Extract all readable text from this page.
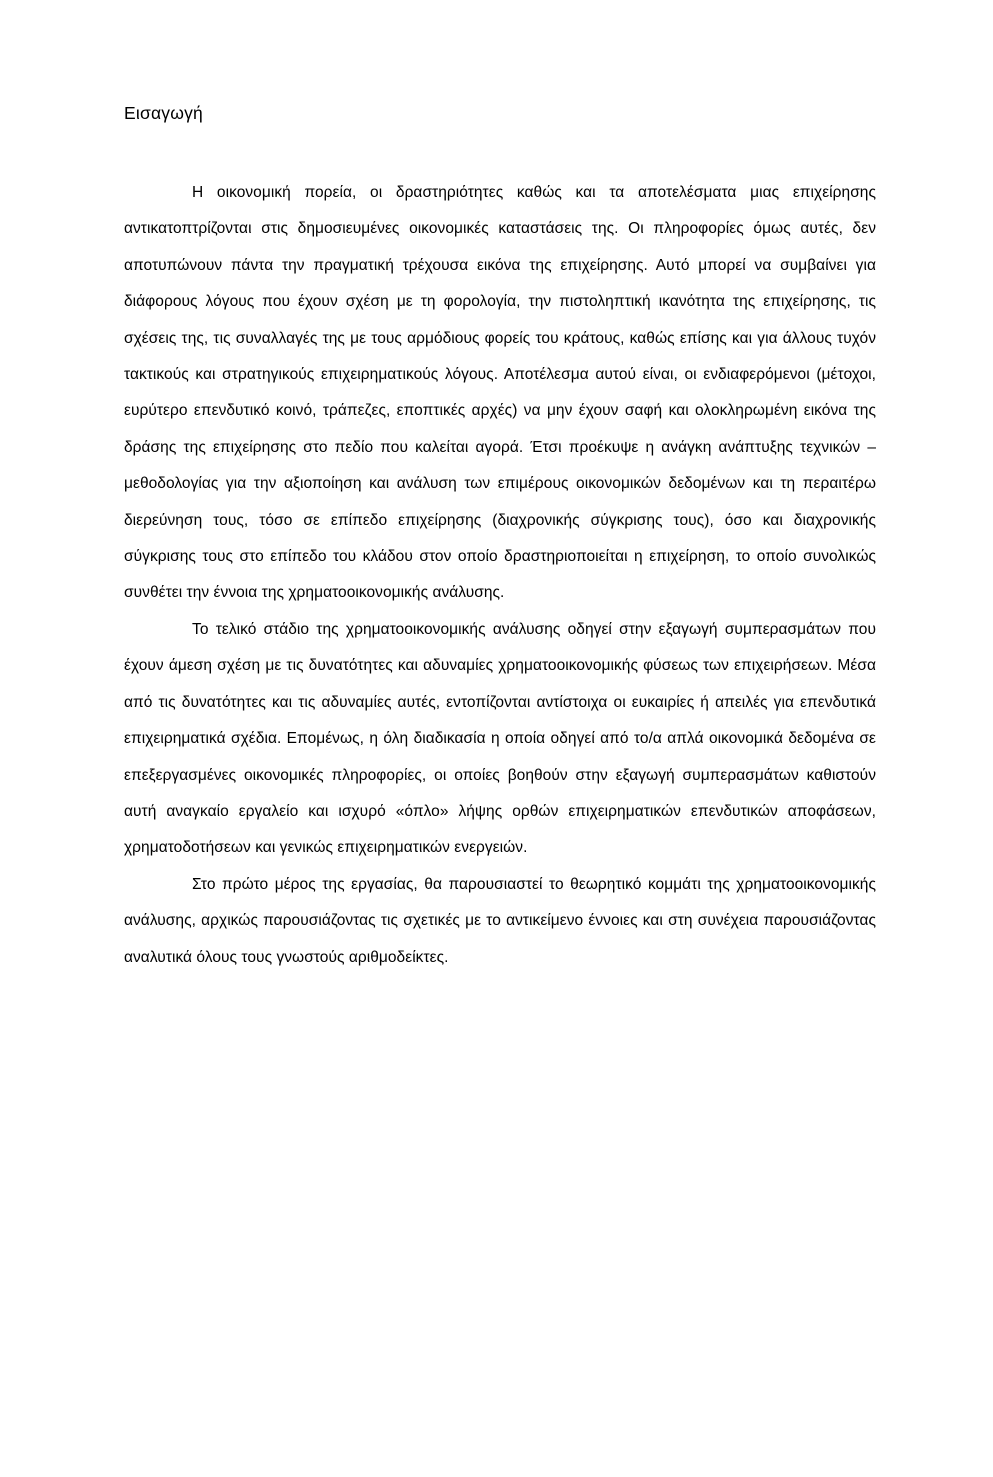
Εισαγωγή

Η οικονομική πορεία, οι δραστηριότητες καθώς και τα αποτελέσματα μιας επιχείρησης αντικατοπτρίζονται στις δημοσιευμένες οικονομικές καταστάσεις της. Οι πληροφορίες όμως αυτές, δεν αποτυπώνουν πάντα την πραγματική τρέχουσα εικόνα της επιχείρησης. Αυτό μπορεί να συμβαίνει για διάφορους λόγους που έχουν σχέση με τη φορολογία, την πιστοληπτική ικανότητα της επιχείρησης, τις σχέσεις της, τις συναλλαγές της με τους αρμόδιους φορείς του κράτους, καθώς επίσης και για άλλους τυχόν τακτικούς και στρατηγικούς επιχειρηματικούς λόγους. Αποτέλεσμα αυτού είναι, οι ενδιαφερόμενοι (μέτοχοι, ευρύτερο επενδυτικό κοινό, τράπεζες, εποπτικές αρχές) να μην έχουν σαφή και ολοκληρωμένη εικόνα της δράσης της επιχείρησης στο πεδίο που καλείται αγορά. Έτσι προέκυψε η ανάγκη ανάπτυξης τεχνικών – μεθοδολογίας για την αξιοποίηση και ανάλυση των επιμέρους οικονομικών δεδομένων και τη περαιτέρω διερεύνηση τους, τόσο σε επίπεδο επιχείρησης (διαχρονικής σύγκρισης τους), όσο και διαχρονικής σύγκρισης τους στο επίπεδο του κλάδου στον οποίο δραστηριοποιείται η επιχείρηση, το οποίο συνολικώς συνθέτει την έννοια της χρηματοοικονομικής ανάλυσης.

Το τελικό στάδιο της χρηματοοικονομικής ανάλυσης οδηγεί στην εξαγωγή συμπερασμάτων που έχουν άμεση σχέση με τις δυνατότητες και αδυναμίες χρηματοοικονομικής φύσεως των επιχειρήσεων. Μέσα από τις δυνατότητες και τις αδυναμίες αυτές, εντοπίζονται αντίστοιχα οι ευκαιρίες ή απειλές για επενδυτικά επιχειρηματικά σχέδια. Επομένως, η όλη διαδικασία η οποία οδηγεί από το/α απλά οικονομικά δεδομένα σε επεξεργασμένες οικονομικές πληροφορίες, οι οποίες βοηθούν στην εξαγωγή συμπερασμάτων καθιστούν αυτή αναγκαίο εργαλείο και ισχυρό «όπλο» λήψης ορθών επιχειρηματικών επενδυτικών αποφάσεων, χρηματοδοτήσεων και γενικώς επιχειρηματικών ενεργειών.

Στο πρώτο μέρος της εργασίας, θα παρουσιαστεί το θεωρητικό κομμάτι της χρηματοοικονομικής ανάλυσης, αρχικώς παρουσιάζοντας τις σχετικές με το αντικείμενο έννοιες και στη συνέχεια παρουσιάζοντας αναλυτικά όλους τους γνωστούς αριθμοδείκτες.
